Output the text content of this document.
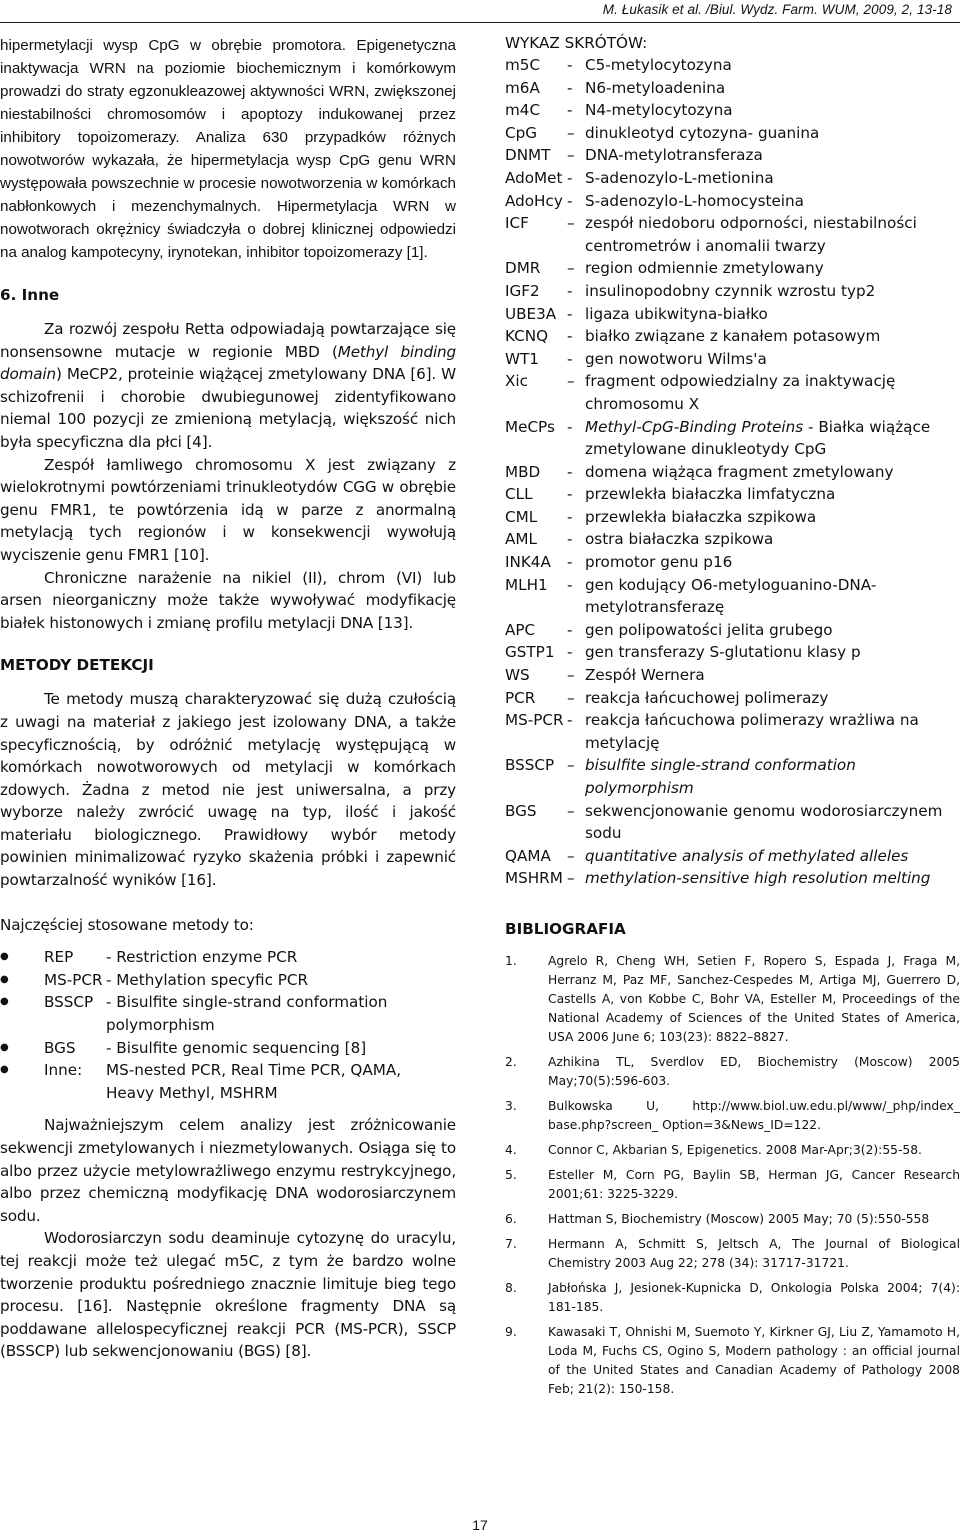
M. Łukasik et al. /Biul. Wydz. Farm. WUM, 2009, 2, 13-18

hipermetylacji wysp CpG w obrębie promotora. Epigenetyczna inaktywacja WRN na poziomie biochemicznym i komórkowym prowadzi do straty egzonukleazowej aktywności WRN, zwiększonej niestabilności chromosomów i apoptozy indukowanej przez inhibitory topoizomerazy. Analiza 630 przypadków różnych nowotworów wykazała, że hipermetylacja wysp CpG genu WRN występowała powszechnie w procesie nowotworzenia w komórkach nabłonkowych i mezenchymalnych. Hipermetylacja WRN w nowotworach okrężnicy świadczyła o dobrej klinicznej odpowiedzi na analog kampotecyny, irynotekan, inhibitor topoizomerazy [1].

6. Inne

Za rozwój zespołu Retta odpowiadają powtarzające się nonsensowne mutacje w regionie MBD (Methyl binding domain) MeCP2, proteinie wiążącej zmetylowany DNA [6]. W schizofrenii i chorobie dwubiegunowej zidentyfikowano niemal 100 pozycji ze zmienioną metylacją, większość nich była specyficzna dla płci [4].

Zespół łamliwego chromosomu X jest związany z wielokrotnymi powtórzeniami trinukleotydów CGG w obrębie genu FMR1, te powtórzenia idą w parze z anormalną metylacją tych regionów i w konsekwencji wywołują wyciszenie genu FMR1 [10].

Chroniczne narażenie na nikiel (II), chrom (VI) lub arsen nieorganiczny może także wywoływać modyfikację białek histonowych i zmianę profilu metylacji DNA [13].

METODY DETEKCJI

Te metody muszą charakteryzować się dużą czułością z uwagi na materiał z jakiego jest izolowany DNA, a także specyficznością, by odróżnić metylację występującą w komórkach nowotworowych od metylacji w komórkach zdowych. Żadna z metod nie jest uniwersalna, a przy wyborze należy zwrócić uwagę na typ, ilość i jakość materiału biologicznego. Prawidłowy wybór metody powinien minimalizować ryzyko skażenia próbki i zapewnić powtarzalność wyników [16].

Najczęściej stosowane metody to:

● REP - Restriction enzyme PCR
● MS-PCR - Methylation specyfic PCR
● BSSCP - Bisulfite single-strand conformation polymorphism
● BGS - Bisulfite genomic sequencing [8]
● Inne: MS-nested PCR, Real Time PCR, QAMA, Heavy Methyl, MSHRM

Najważniejszym celem analizy jest zróżnicowanie sekwencji zmetylowanych i niezmetylowanych. Osiąga się to albo przez użycie metylowrażliwego enzymu restrykcyjnego, albo przez chemiczną modyfikację DNA wodorosiarczynem sodu.

Wodorosiarczyn sodu deaminuje cytozynę do uracylu, tej reakcji może też ulegać m5C, z tym że bardzo wolne tworzenie produktu pośredniego znacznie limituje bieg tego procesu. [16]. Następnie określone fragmenty DNA są poddawane allelospecyficznej reakcji PCR (MS-PCR), SSCP (BSSCP) lub sekwencjonowaniu (BGS) [8].

WYKAZ SKRÓTÓW:
m5C	- C5-metylocytozyna
m6A	- N6-metyloadenina
m4C	- N4-metylocytozyna
CpG	– dinukleotyd cytozyna- guanina
DNMT	– DNA-metylotransferaza
AdoMet - S-adenozylo-L-metionina
AdoHcy - S-adenozylo-L-homocysteina
ICF	– zespół niedoboru odporności, niestabilności centrometrów i anomalii twarzy
DMR	– region odmiennie zmetylowany
IGF2	- insulinopodobny czynnik wzrostu typ2
UBE3A - ligaza ubikwityna-białko
KCNQ	- białko związane z kanałem potasowym
WT1	- gen nowotworu Wilms'a
Xic	– fragment odpowiedzialny za inaktywację chromosomu X
MeCPs - Methyl-CpG-Binding Proteins - Białka wiążące zmetylowane dinukleotydy CpG
MBD	- domena wiążąca fragment zmetylowany
CLL	- przewlekła białaczka limfatyczna
CML	- przewlekła białaczka szpikowa
AML	- ostra białaczka szpikowa
INK4A	- promotor genu p16
MLH1	- gen kodujący O6-metyloguanino-DNA-metylotransferazę
APC	- gen polipowatości jelita grubego
GSTP1 - gen transferazy S-glutationu klasy p
WS	– Zespół Wernera
PCR	– reakcja łańcuchowej polimerazy
MS-PCR - reakcja łańcuchowa polimerazy wrażliwa na metylację
BSSCP – bisulfite single-strand conformation polymorphism
BGS	– sekwencjonowanie genomu wodorosiarczynem sodu
QAMA	– quantitative analysis of methylated alleles
MSHRM – methylation-sensitive high resolution melting
BIBLIOGRAFIA
1.	Agrelo R, Cheng WH, Setien F, Ropero S, Espada J, Fraga M, Herranz M, Paz MF, Sanchez-Cespedes M, Artiga MJ, Guerrero D, Castells A, von Kobbe C, Bohr VA, Esteller M, Proceedings of the National Academy of Sciences of the United States of America, USA 2006 June 6; 103(23): 8822–8827.
2.	Azhikina TL, Sverdlov ED, Biochemistry (Moscow) 2005 May;70(5):596-603.
3.	Bulkowska U, http://www.biol.uw.edu.pl/www/_php/index_ base.php?screen_ Option=3&News_ID=122.
4.	Connor C, Akbarian S, Epigenetics. 2008 Mar-Apr;3(2):55-58.
5.	Esteller M, Corn PG, Baylin SB, Herman JG, Cancer Research 2001;61: 3225-3229.
6.	Hattman S, Biochemistry (Moscow) 2005 May; 70 (5):550-558
7.	Hermann A, Schmitt S, Jeltsch A, The Journal of Biological Chemistry 2003 Aug 22; 278 (34): 31717-31721.
8.	Jabłońska J, Jesionek-Kupnicka D, Onkologia Polska 2004; 7(4): 181-185.
9.	Kawasaki T, Ohnishi M, Suemoto Y, Kirkner GJ, Liu Z, Yamamoto H, Loda M, Fuchs CS, Ogino S, Modern pathology : an official journal of the United States and Canadian Academy of Pathology 2008 Feb; 21(2): 150-158.
17
